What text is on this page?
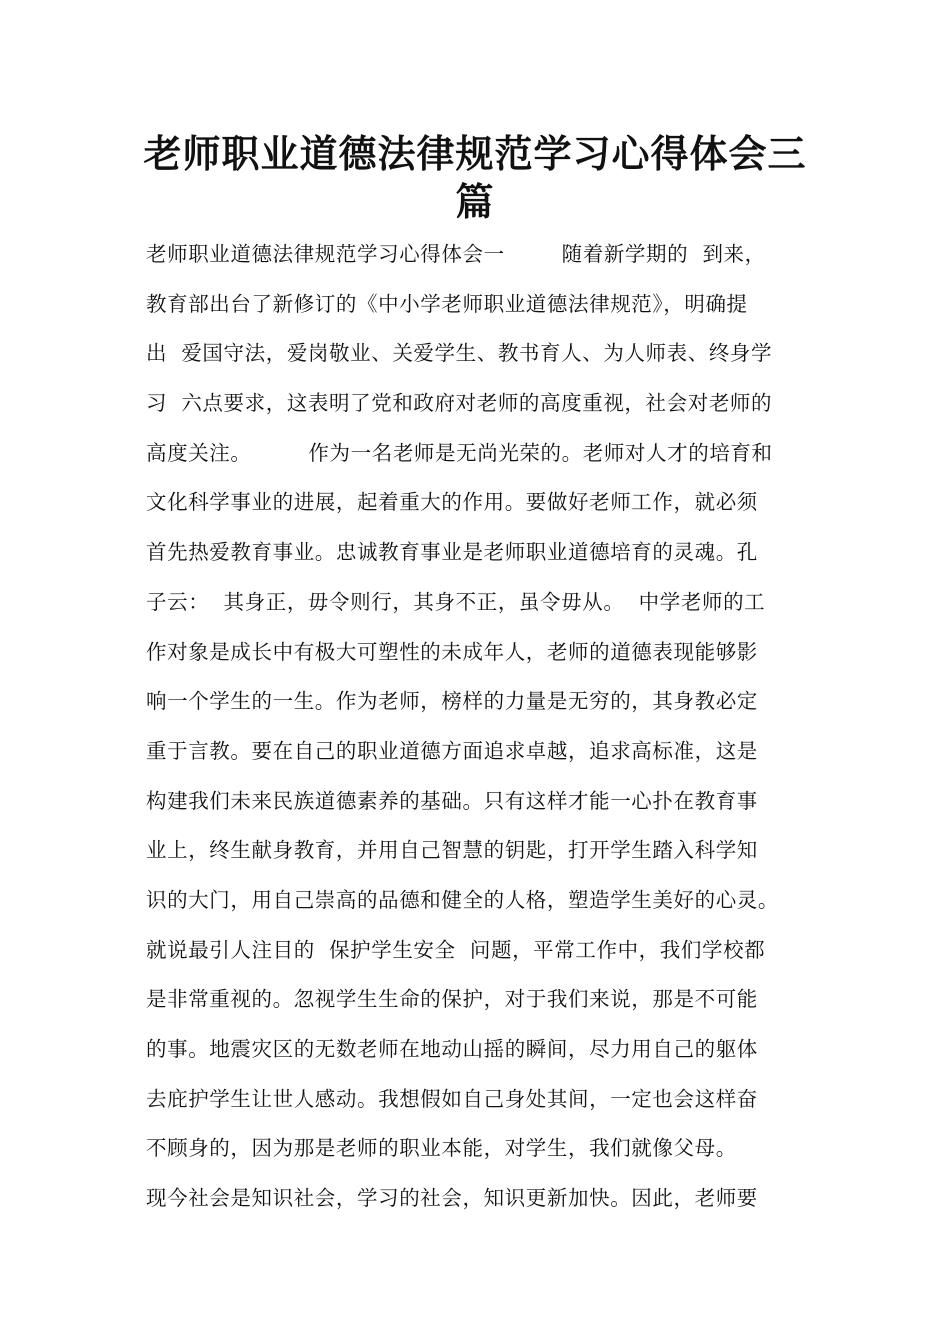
老师职业道德法律规范学习心得体会三
篇
老师职业道德法律规范学习心得体会一        随着新学期的  到来，
教育部出台了新修订的《中小学老师职业道德法律规范》，明确提
出  爱国守法，爱岗敬业、关爱学生、教书育人、为人师表、终身学
习  六点要求，这表明了党和政府对老师的高度重视，社会对老师的
高度关注。        作为一名老师是无尚光荣的。老师对人才的培育和
文化科学事业的进展，起着重大的作用。要做好老师工作，就必须
首先热爱教育事业。忠诚教育事业是老师职业道德培育的灵魂。孔
子云：  其身正，毋令则行，其身不正，虽令毋从。  中学老师的工
作对象是成长中有极大可塑性的未成年人，老师的道德表现能够影
响一个学生的一生。作为老师，榜样的力量是无穷的，其身教必定
重于言教。要在自己的职业道德方面追求卓越，追求高标准，这是
构建我们未来民族道德素养的基础。只有这样才能一心扑在教育事
业上，终生献身教育，并用自己智慧的钥匙，打开学生踏入科学知
识的大门，用自己崇高的品德和健全的人格，塑造学生美好的心灵。
就说最引人注目的  保护学生安全  问题，平常工作中，我们学校都
是非常重视的。忽视学生生命的保护，对于我们来说，那是不可能
的事。地震灾区的无数老师在地动山摇的瞬间，尽力用自己的躯体
去庇护学生让世人感动。我想假如自己身处其间，一定也会这样奋
不顾身的，因为那是老师的职业本能，对学生，我们就像父母。
现今社会是知识社会，学习的社会，知识更新加快。因此，老师要
